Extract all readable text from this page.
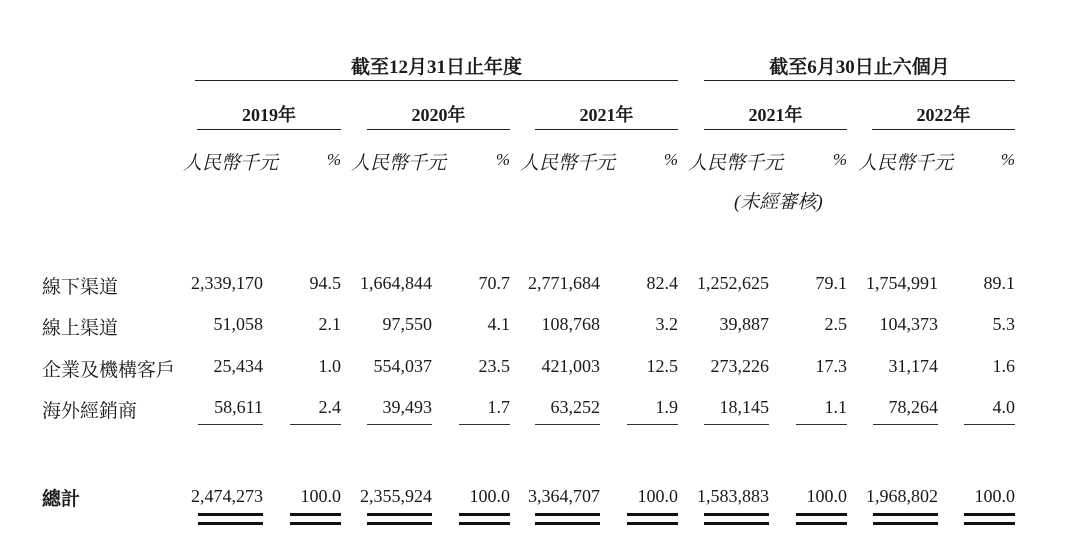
截至12月31日止年度	截至6月30日止六個月
2019年	2020年	2021年	2021年	2022年
人民幣千元	% 人民幣千元	% 人民幣千元	% 人民幣千元	% 人民幣千元	%
(未經審核)
線下渠道	2,339,170	94.5	1,664,844	70.7	2,771,684	82.4	1,252,625	79.1	1,754,991	89.1
線上渠道	51,058	2.1	97,550	4.1	108,768	3.2	39,887	2.5	104,373	5.3
企業及機構客戶	25,434	1.0	554,037	23.5	421,003	12.5	273,226	17.3	31,174	1.6
海外經銷商	58,611	2.4	39,493	1.7	63,252	1.9	18,145	1.1	78,264	4.0
總計	2,474,273	100.0	2,355,924	100.0	3,364,707	100.0	1,583,883	100.0	1,968,802	100.0
